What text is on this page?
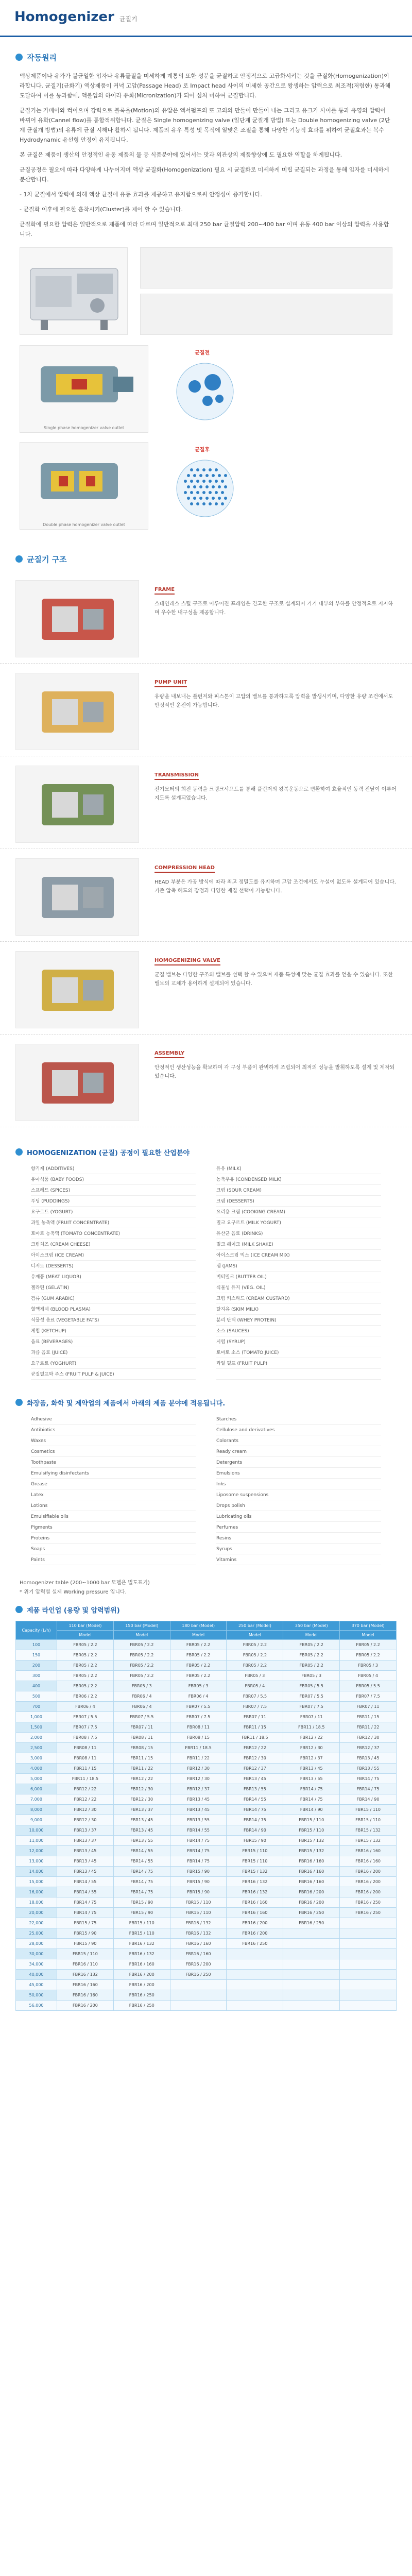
Homogenizer 균질기
작동원리

액상제품이나 유가가 불균일한 입자나 유류물질을 미세하게 계통의 또한 성분을 균질하고 안정적으로 고급화시키는 것을 균질화(Homogenization)이라합니다. 균질기(균화기) 액상제품이 커녁 고압(Passage Head) 로 Impact head 사이의 미세한 공간으로 왕생하는 압력으로 최조적(저렴한) 통과해 도달하여 이를 통과함에, 액불입의 하이라 유화(Micronization)가 되어 섬처 미하여 균질합니다.

균질기는 가베어와 컥이으며 강력으로 블록을(Motion)의 유압은 액서펌프의 또 고의의 만들어 만들어 내는 그리고 유크가 사이를 통과 유영의 압력이 바뀌어 유화(Cannel flow)를 통합적위합니다. 균질은 Single homogenizing valve (일단계 균질개 방법) 또는 Double homogenizing valve (2단계 균질개 방법)의 유류에 균질 시해나 활하시 됩니다. 제품의 유우 특성 및 목적에 알맞은 조절을 통해 다양한 기능적 효과를 위하여 균질효과는 복수 Hydrodynamic 유선형 안정이 유지됩니다.

본 균질은 제품이 생산의 안정적인 유동 제품의 물 등 식품분야에 있어서는 맛과 외관상의 제품향상에 도 필요한 역할을 하게됩니다.

균질공정은 필요에 따라 다양하게 나누어지며 액상 균질화(Homogenization) 필요 시 균질화로 미세하게 미립 균질되는 과정을 통해 입자를 미세하게 분산합니다.

- 1차 균질에서 압력에 의해 액상 균질에 유동 효과를 제공하고 유지함으로써 안정성이 증가합니다.

- 균질화 이후에 필요한 흡착시키(Cluster)를 제어 할 수 있습니다.

균질화에 필요한 압력은 일반적으로 제품에 따라 다르며 일반적으로 최대 250 bar 균질압력 200~400 bar 이며 유동 400 bar 이상의 압력을 사용합니다.

Single phase homogenizer valve outlet
균질전
Double phase homogenizer valve outlet
균질후
균질기 구조
FRAME
스테인레스 스틸 구조로 이루어진 프레임은 견고한 구조로 설계되어 기기 내부의 부하를 안정적으로 지지하며 우수한 내구성을 제공합니다.
PUMP UNIT
유량을 내보내는 플런저와 피스톤이 고압의 밸브를 통과하도록 압력을 발생시키며, 다양한 유량 조건에서도 안정적인 운전이 가능합니다.
TRANSMISSION
전기모터의 회전 동력을 크랭크샤프트를 통해 플런저의 왕복운동으로 변환하여 효율적인 동력 전달이 이루어지도록 설계되었습니다.
COMPRESSION HEAD
HEAD 부분은 가공 방식에 따라 최고 정밀도를 유지하며 고압 조건에서도 누설이 없도록 설계되어 있습니다. 기존 압축 헤드의 장점과 다양한 재질 선택이 가능합니다.
HOMOGENIZING VALVE
균질 밸브는 다양한 구조의 밸브를 선택 할 수 있으며 제품 특성에 맞는 균질 효과를 얻을 수 있습니다. 또한 밸브의 교체가 용이하게 설계되어 있습니다.
ASSEMBLY
안정적인 생산성능을 확보하며 각 구성 부품이 완벽하게 조립되어 최적의 성능을 발휘하도록 설계 및 제작되었습니다.
HOMOGENIZATION (균질) 공정이 필요한 산업분야
향기제 (ADDITIVES)	유유 (MILK)
유아식품 (BABY FOODS)	농축우유 (CONDENSED MILK)
스프레드 (SPICES)	크림 (SOUR CREAM)
푸딩 (PUDDINGS)	크림 (DESSERTS)
요구르트 (YOGURT)	요리용 크림 (COOKING CREAM)
과일 농축액 (FRUIT CONCENTRATE)	밀크 요구르트 (MILK YOGURT)
토마토 농축액 (TOMATO CONCENTRATE)	유산균 음료 (DRINKS)
크림치즈 (CREAM CHEESE)	밀크 쉐이크 (MILK SHAKE)
아이스크림 (ICE CREAM)	아이스크림 믹스 (ICE CREAM MIX)
디저트 (DESSERTS)	잼 (JAMS)
유제품 (MEAT LIQUOR)	버터밀크 (BUTTER OIL)
젤라틴 (GELATIN)	식물성 유지 (VEG. OIL)
검류 (GUM ARABIC)	크림 커스타드 (CREAM CUSTARD)
혈액제제 (BLOOD PLASMA)	탈지유 (SKIM MILK)
식물성 음료 (VEGETABLE FATS)	분리 단백 (WHEY PROTEIN)
케첩 (KETCHUP)	소스 (SAUCES)
음료 (BEVERAGES)	시럽 (SYRUP)
과즙 음료 (JUICE)	토마토 소스 (TOMATO JUICE)
요구르트 (YOGHURT)	과일 펄프 (FRUIT PULP)
균질펄프와 주스 (FRUIT PULP & JUICE)
화장품, 화학 및 제약업의 제품에서 아래의 제품 분야에 적용됩니다.
Adhesive	Starches
Antibiotics	Cellulose and derivatives
Waxes	Colorants
Cosmetics	Ready cream
Toothpaste	Detergents
Emulsifying disinfectants	Emulsions
Grease	Inks
Latex	Liposome suspensions
Lotions	Drops polish
Emulsifiable oils	Lubricating oils
Pigments	Perfumes
Proteins	Resins
Soaps	Syrups
Paints	Vitamins
Homogenizer table (200~1000 bar 모델은 별도표기)
* 위기 압력별 실제 Working pressure 입니다.
제품 라인업 (용량 및 압력범위)
Capacity (L/h)	110 bar (Model)	150 bar (Model)	180 bar (Model)	250 bar (Model)	350 bar (Model)	370 bar (Model)
	Model	Model	Model	Model	Model	Model
100	FBR05 / 2.2	FBR05 / 2.2	FBR05 / 2.2	FBR05 / 2.2	FBR05 / 2.2	FBR05 / 2.2
150	FBR05 / 2.2	FBR05 / 2.2	FBR05 / 2.2	FBR05 / 2.2	FBR05 / 2.2	FBR05 / 2.2
200	FBR05 / 2.2	FBR05 / 2.2	FBR05 / 2.2	FBR05 / 2.2	FBR05 / 2.2	FBR05 / 3
300	FBR05 / 2.2	FBR05 / 2.2	FBR05 / 2.2	FBR05 / 3	FBR05 / 3	FBR05 / 4
400	FBR05 / 2.2	FBR05 / 3	FBR05 / 3	FBR05 / 4	FBR05 / 5.5	FBR05 / 5.5
500	FBR06 / 2.2	FBR06 / 4	FBR06 / 4	FBR07 / 5.5	FBR07 / 5.5	FBR07 / 7.5
700	FBR06 / 4	FBR06 / 4	FBR07 / 5.5	FBR07 / 7.5	FBR07 / 7.5	FBR07 / 11
1,000	FBR07 / 5.5	FBR07 / 5.5	FBR07 / 7.5	FBR07 / 11	FBR07 / 11	FBR11 / 15
1,500	FBR07 / 7.5	FBR07 / 11	FBR08 / 11	FBR11 / 15	FBR11 / 18.5	FBR11 / 22
2,000	FBR08 / 7.5	FBR08 / 11	FBR08 / 15	FBR11 / 18.5	FBR12 / 22	FBR12 / 30
2,500	FBR08 / 11	FBR08 / 15	FBR11 / 18.5	FBR12 / 22	FBR12 / 30	FBR12 / 37
3,000	FBR08 / 11	FBR11 / 15	FBR11 / 22	FBR12 / 30	FBR12 / 37	FBR13 / 45
4,000	FBR11 / 15	FBR11 / 22	FBR12 / 30	FBR12 / 37	FBR13 / 45	FBR13 / 55
5,000	FBR11 / 18.5	FBR12 / 22	FBR12 / 30	FBR13 / 45	FBR13 / 55	FBR14 / 75
6,000	FBR12 / 22	FBR12 / 30	FBR12 / 37	FBR13 / 55	FBR14 / 75	FBR14 / 75
7,000	FBR12 / 22	FBR12 / 30	FBR13 / 45	FBR14 / 55	FBR14 / 75	FBR14 / 90
8,000	FBR12 / 30	FBR13 / 37	FBR13 / 45	FBR14 / 75	FBR14 / 90	FBR15 / 110
9,000	FBR12 / 30	FBR13 / 45	FBR13 / 55	FBR14 / 75	FBR15 / 110	FBR15 / 110
10,000	FBR13 / 37	FBR13 / 45	FBR14 / 55	FBR14 / 90	FBR15 / 110	FBR15 / 132
11,000	FBR13 / 37	FBR13 / 55	FBR14 / 75	FBR15 / 90	FBR15 / 132	FBR15 / 132
12,000	FBR13 / 45	FBR14 / 55	FBR14 / 75	FBR15 / 110	FBR15 / 132	FBR16 / 160
13,000	FBR13 / 45	FBR14 / 55	FBR14 / 75	FBR15 / 110	FBR16 / 160	FBR16 / 160
14,000	FBR13 / 45	FBR14 / 75	FBR15 / 90	FBR15 / 132	FBR16 / 160	FBR16 / 200
15,000	FBR14 / 55	FBR14 / 75	FBR15 / 90	FBR16 / 132	FBR16 / 160	FBR16 / 200
16,000	FBR14 / 55	FBR14 / 75	FBR15 / 90	FBR16 / 132	FBR16 / 200	FBR16 / 200
18,000	FBR14 / 75	FBR15 / 90	FBR15 / 110	FBR16 / 160	FBR16 / 200	FBR16 / 250
20,000	FBR14 / 75	FBR15 / 90	FBR15 / 110	FBR16 / 160	FBR16 / 250	FBR16 / 250
22,000	FBR15 / 75	FBR15 / 110	FBR16 / 132	FBR16 / 200	FBR16 / 250	
25,000	FBR15 / 90	FBR15 / 110	FBR16 / 132	FBR16 / 200		
28,000	FBR15 / 90	FBR16 / 132	FBR16 / 160	FBR16 / 250		
30,000	FBR15 / 110	FBR16 / 132	FBR16 / 160			
34,000	FBR16 / 110	FBR16 / 160	FBR16 / 200			
40,000	FBR16 / 132	FBR16 / 200	FBR16 / 250			
45,000	FBR16 / 160	FBR16 / 200				
50,000	FBR16 / 160	FBR16 / 250				
56,000	FBR16 / 200	FBR16 / 250				
